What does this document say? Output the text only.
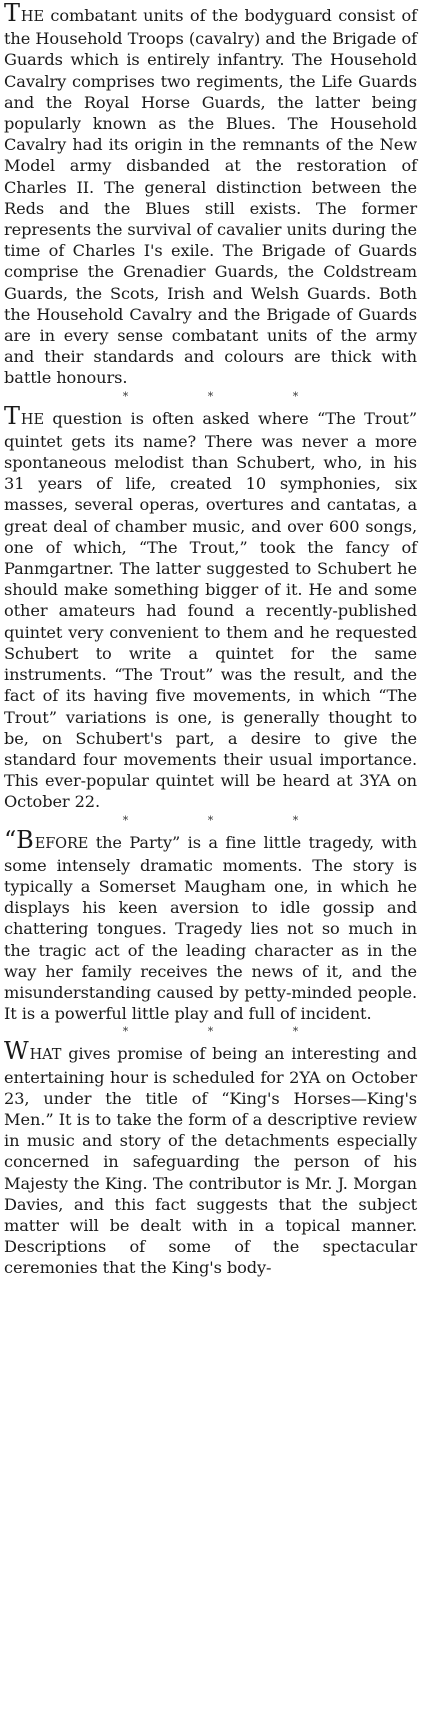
THE combatant units of the bodyguard consist of the Household Troops (cavalry) and the Brigade of Guards which is entirely infantry. The Household Cavalry comprises two regiments, the Life Guards and the Royal Horse Guards, the latter being popularly known as the Blues. The Household Cavalry had its origin in the remnants of the New Model army disbanded at the restoration of Charles II. The general distinction between the Reds and the Blues still exists. The former represents the survival of cavalier units during the time of Charles I's exile. The Brigade of Guards comprise the Grenadier Guards, the Coldstream Guards, the Scots, Irish and Welsh Guards. Both the Household Cavalry and the Brigade of Guards are in every sense combatant units of the army and their standards and colours are thick with battle honours.

* * *

THE question is often asked where “The Trout” quintet gets its name? There was never a more spontaneous melodist than Schubert, who, in his 31 years of life, created 10 symphonies, six masses, several operas, overtures and cantatas, a great deal of chamber music, and over 600 songs, one of which, “The Trout,” took the fancy of Panmgartner. The latter suggested to Schubert he should make something bigger of it. He and some other amateurs had found a recently-published quintet very convenient to them and he requested Schubert to write a quintet for the same instruments. “The Trout” was the result, and the fact of its having five movements, in which “The Trout” variations is one, is generally thought to be, on Schubert's part, a desire to give the standard four movements their usual importance. This ever-popular quintet will be heard at 3YA on October 22.

* * *

“BEFORE the Party” is a fine little tragedy, with some intensely dramatic moments. The story is typically a Somerset Maugham one, in which he displays his keen aversion to idle gossip and chattering tongues. Tragedy lies not so much in the tragic act of the leading character as in the way her family receives the news of it, and the misunderstanding caused by petty-minded people. It is a powerful little play and full of incident.

* * *

WHAT gives promise of being an interesting and entertaining hour is scheduled for 2YA on October 23, under the title of “King's Horses—King's Men.” It is to take the form of a descriptive review in music and story of the detachments especially concerned in safeguarding the person of his Majesty the King. The contributor is Mr. J. Morgan Davies, and this fact suggests that the subject matter will be dealt with in a topical manner. Descriptions of some of the spectacular ceremonies that the King's body-
